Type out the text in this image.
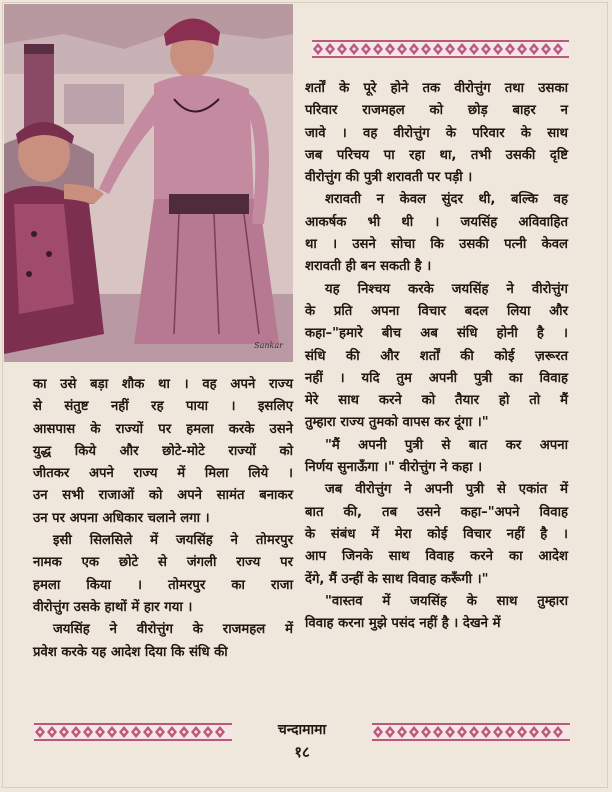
Sankar

शर्तों के पूरे होने तक वीरोत्तुंग तथा उसका

परिवार राजमहल को छोड़ बाहर न

जावे । वह वीरोत्तुंग के परिवार के साथ

जब परिचय पा रहा था, तभी उसकी दृष्टि

वीरोत्तुंग की पुत्री शरावती पर पड़ी ।

शरावती न केवल सुंदर थी, बल्कि वह

आकर्षक भी थी । जयसिंह अविवाहित

था । उसने सोचा कि उसकी पत्नी केवल

शरावती ही बन सकती है ।

यह निश्चय करके जयसिंह ने वीरोत्तुंग

के प्रति अपना विचार बदल लिया और

कहा–"हमारे बीच अब संधि होनी है ।

संधि की और शर्तों की कोई ज़रूरत

नहीं । यदि तुम अपनी पुत्री का विवाह

मेरे साथ करने को तैयार हो तो मैं

तुम्हारा राज्य तुमको वापस कर दूंगा ।"

"मैं अपनी पुत्री से बात कर अपना

निर्णय सुनाऊँगा ।" वीरोत्तुंग ने कहा ।

जब वीरोत्तुंग ने अपनी पुत्री से एकांत में

बात की, तब उसने कहा–"अपने विवाह

के संबंध में मेरा कोई विचार नहीं है ।

आप जिनके साथ विवाह करने का आदेश

देंगे, मैं उन्हीं के साथ विवाह करूँगी ।"

"वास्तव में जयसिंह के साथ तुम्हारा

विवाह करना मुझे पसंद नहीं है । देखने में

का उसे बड़ा शौक था । वह अपने राज्य

से संतुष्ट नहीं रह पाया । इसलिए

आसपास के राज्यों पर हमला करके उसने

युद्ध किये और छोटे-मोटे राज्यों को

जीतकर अपने राज्य में मिला लिये ।

उन सभी राजाओं को अपने सामंत बनाकर

उन पर अपना अधिकार चलाने लगा ।

इसी सिलसिले में जयसिंह ने तोमरपुर

नामक एक छोटे से जंगली राज्य पर

हमला किया । तोमरपुर का राजा

वीरोत्तुंग उसके हाथों में हार गया ।

जयसिंह ने वीरोत्तुंग के राजमहल में

प्रवेश करके यह आदेश दिया कि संधि की

चन्दामामा
१८
